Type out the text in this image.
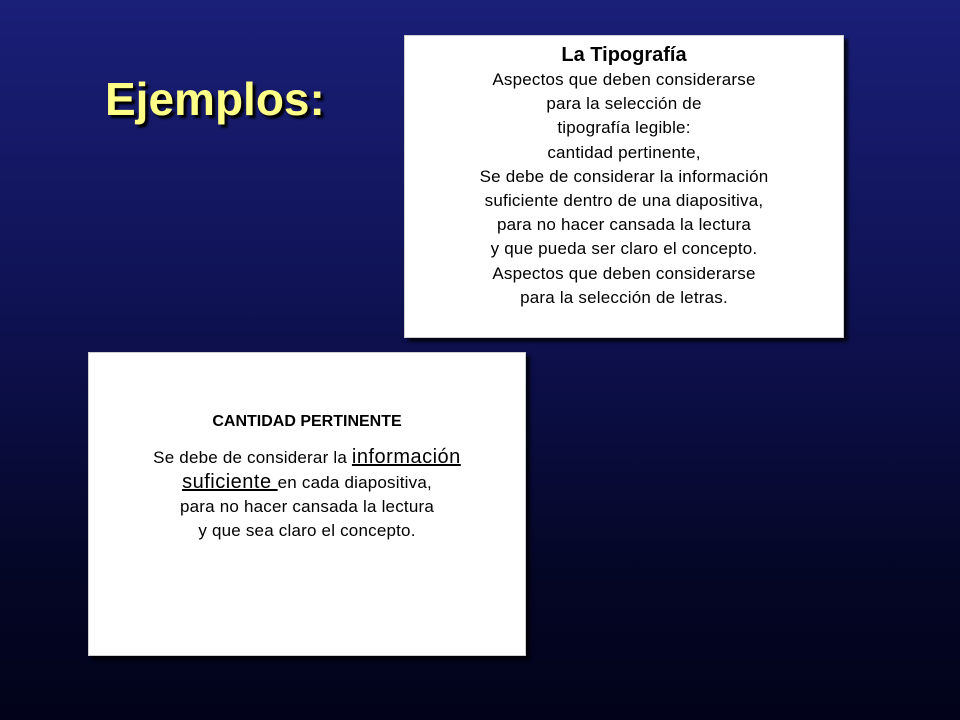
Ejemplos:

La Tipografía

Aspectos que deben considerarse

para la selección de

tipografía legible:

cantidad pertinente,

Se debe de considerar la información

suficiente dentro de una diapositiva,

para no hacer cansada la lectura

y que pueda ser claro el concepto.

Aspectos que deben considerarse

para la selección de letras.

CANTIDAD PERTINENTE

Se debe de considerar la información

suficiente en cada diapositiva,

para no hacer cansada la lectura

y que sea claro el concepto.
